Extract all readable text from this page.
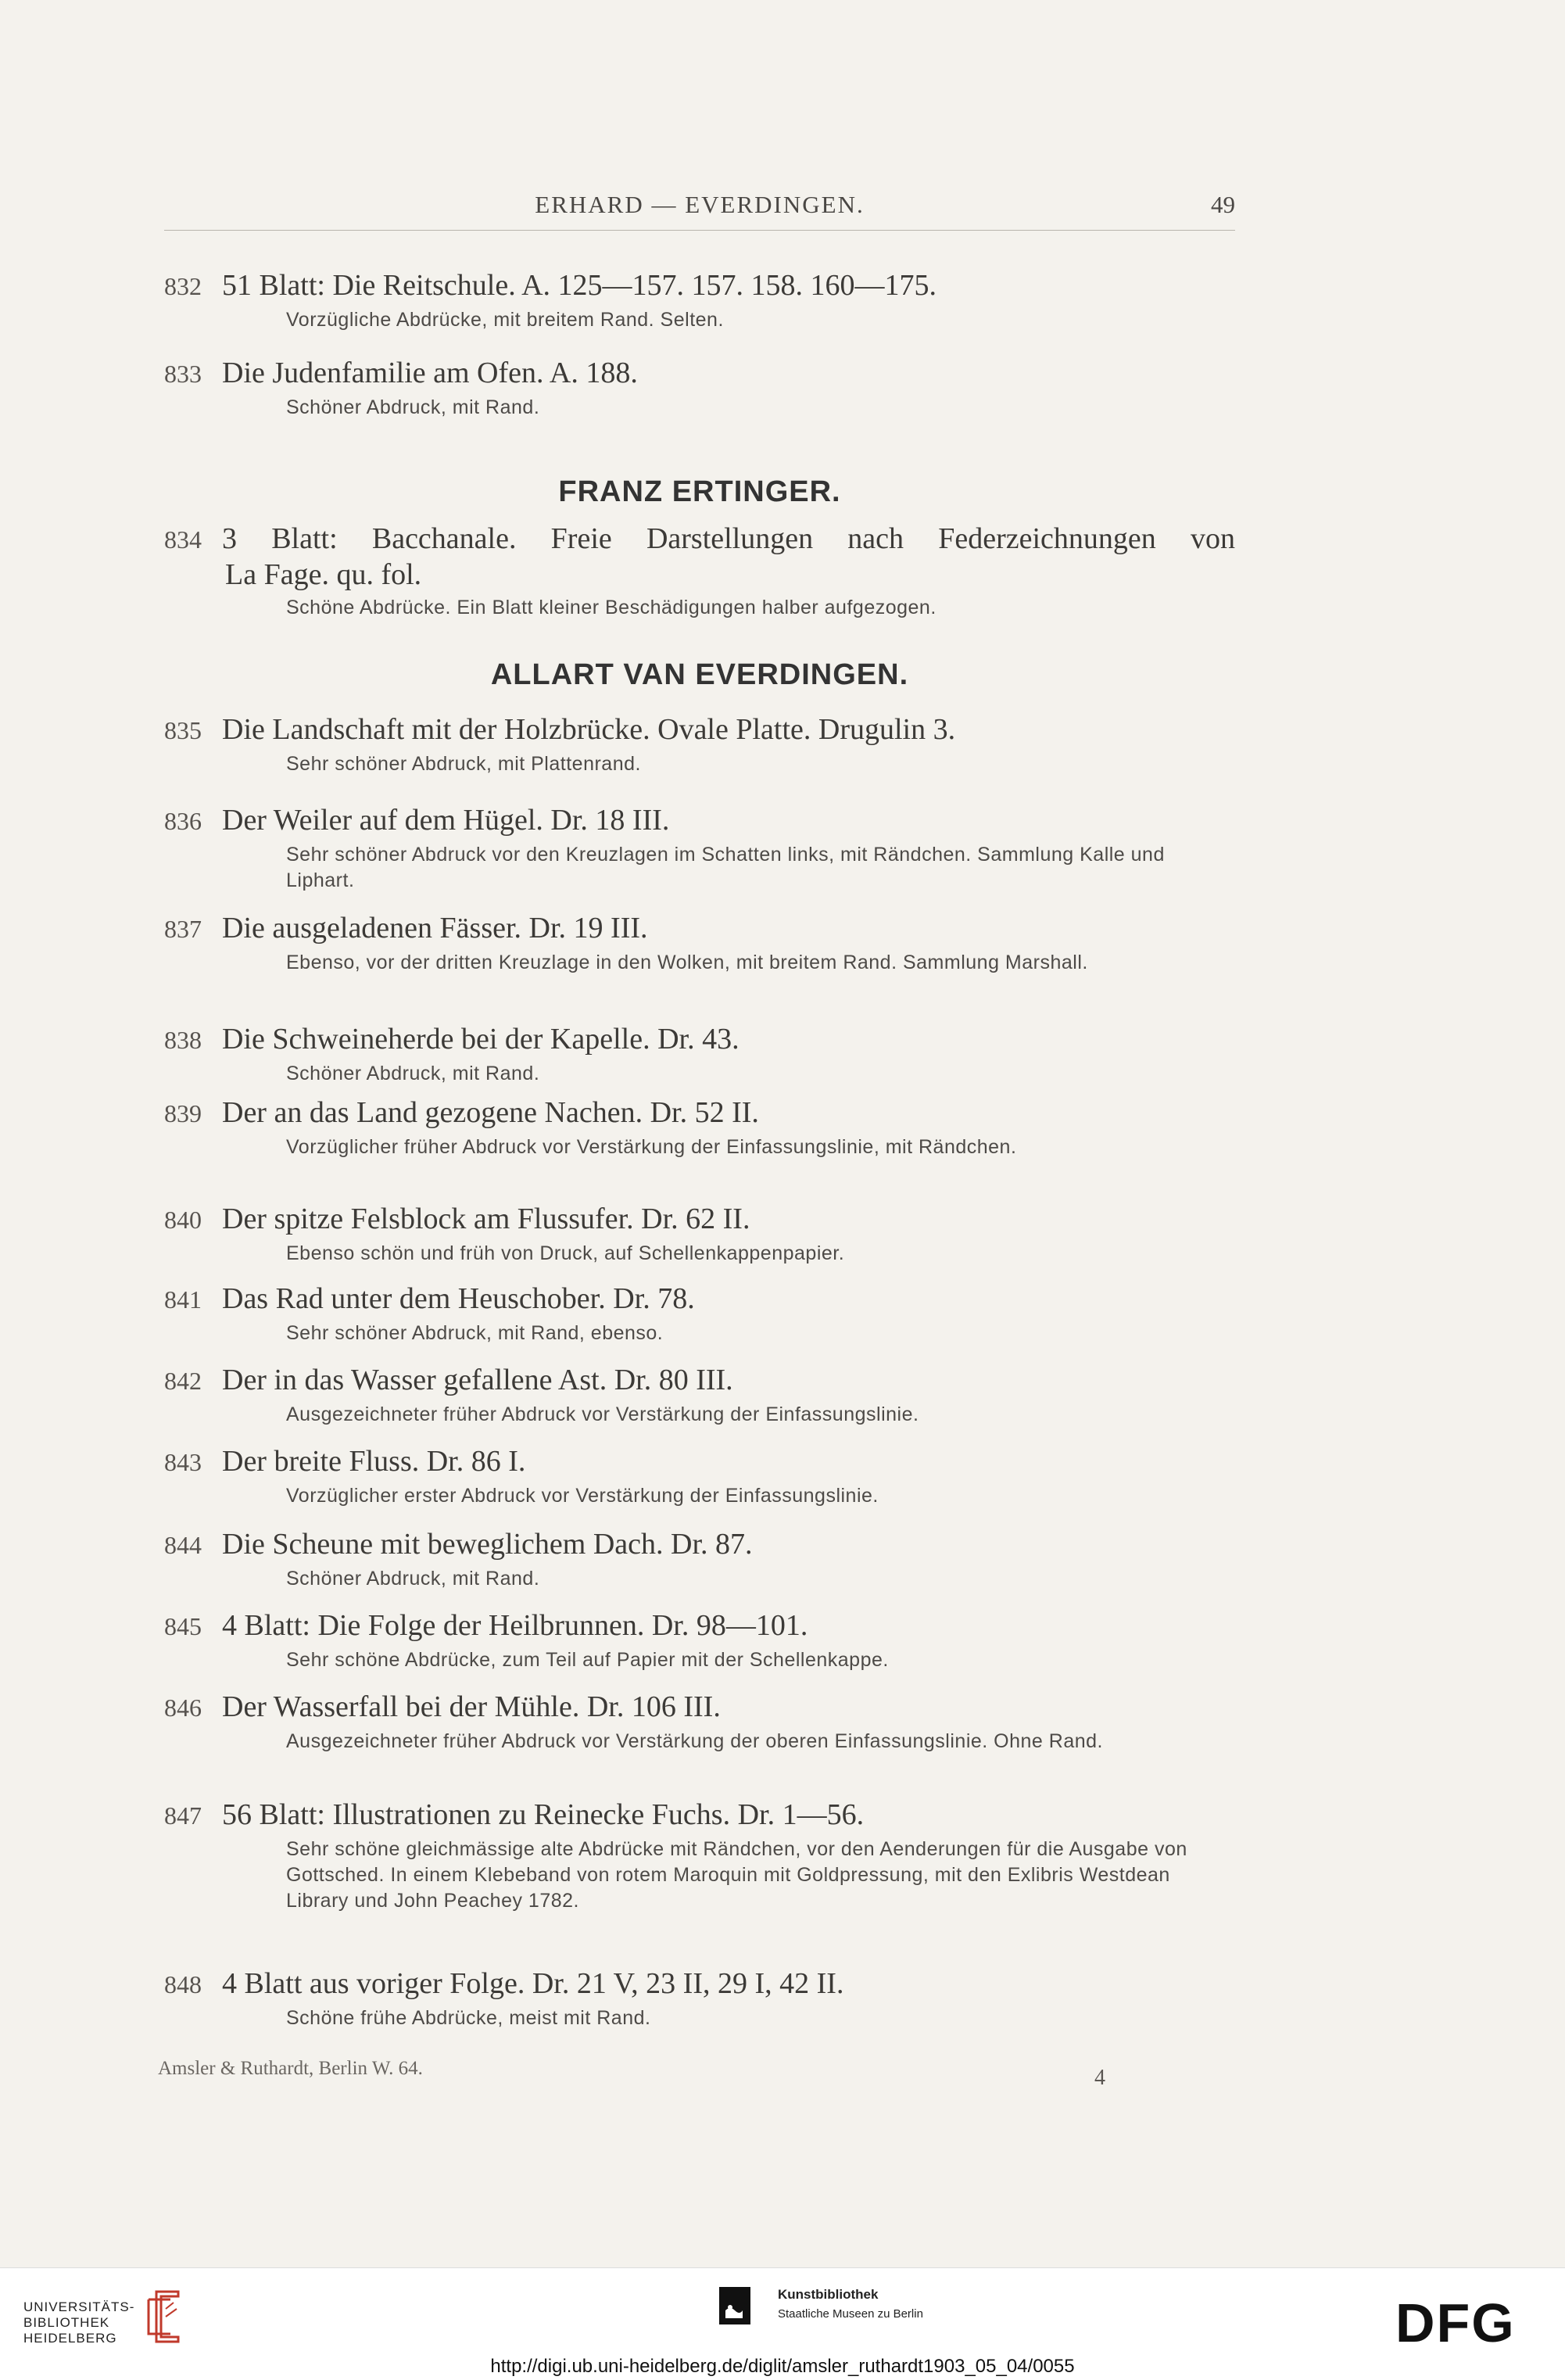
ERHARD — EVERDINGEN.	49
832 51 Blatt: Die Reitschule. A. 125—157. 157. 158. 160—175.
Vorzügliche Abdrücke, mit breitem Rand. Selten.
833 Die Judenfamilie am Ofen. A. 188.
Schöner Abdruck, mit Rand.
FRANZ ERTINGER.
834 3 Blatt: Bacchanale. Freie Darstellungen nach Federzeichnungen von
La Fage. qu. fol.
Schöne Abdrücke. Ein Blatt kleiner Beschädigungen halber aufgezogen.
ALLART VAN EVERDINGEN.
835 Die Landschaft mit der Holzbrücke. Ovale Platte. Drugulin 3.
Sehr schöner Abdruck, mit Plattenrand.
836 Der Weiler auf dem Hügel. Dr. 18 III.
Sehr schöner Abdruck vor den Kreuzlagen im Schatten links, mit Rändchen. Sammlung Kalle und Liphart.
837 Die ausgeladenen Fässer. Dr. 19 III.
Ebenso, vor der dritten Kreuzlage in den Wolken, mit breitem Rand. Sammlung Marshall.
838 Die Schweineherde bei der Kapelle. Dr. 43.
Schöner Abdruck, mit Rand.
839 Der an das Land gezogene Nachen. Dr. 52 II.
Vorzüglicher früher Abdruck vor Verstärkung der Einfassungslinie, mit Rändchen.
840 Der spitze Felsblock am Flussufer. Dr. 62 II.
Ebenso schön und früh von Druck, auf Schellenkappenpapier.
841 Das Rad unter dem Heuschober. Dr. 78.
Sehr schöner Abdruck, mit Rand, ebenso.
842 Der in das Wasser gefallene Ast. Dr. 80 III.
Ausgezeichneter früher Abdruck vor Verstärkung der Einfassungslinie.
843 Der breite Fluss. Dr. 86 I.
Vorzüglicher erster Abdruck vor Verstärkung der Einfassungslinie.
844 Die Scheune mit beweglichem Dach. Dr. 87.
Schöner Abdruck, mit Rand.
845 4 Blatt: Die Folge der Heilbrunnen. Dr. 98—101.
Sehr schöne Abdrücke, zum Teil auf Papier mit der Schellenkappe.
846 Der Wasserfall bei der Mühle. Dr. 106 III.
Ausgezeichneter früher Abdruck vor Verstärkung der oberen Einfassungslinie. Ohne Rand.
847 56 Blatt: Illustrationen zu Reinecke Fuchs. Dr. 1—56.
Sehr schöne gleichmässige alte Abdrücke mit Rändchen, vor den Aenderungen für die Ausgabe von Gottsched. In einem Klebeband von rotem Maroquin mit Goldpressung, mit den Exlibris Westdean Library und John Peachey 1782.
848 4 Blatt aus voriger Folge. Dr. 21 V, 23 II, 29 I, 42 II.
Schöne frühe Abdrücke, meist mit Rand.
Amsler & Ruthardt, Berlin W. 64.	4
UNIVERSITÄTS-
BIBLIOTHEK
HEIDELBERG
Kunstbibliothek
Staatliche Museen zu Berlin	DFG
http://digi.ub.uni-heidelberg.de/diglit/amsler_ruthardt1903_05_04/0055
